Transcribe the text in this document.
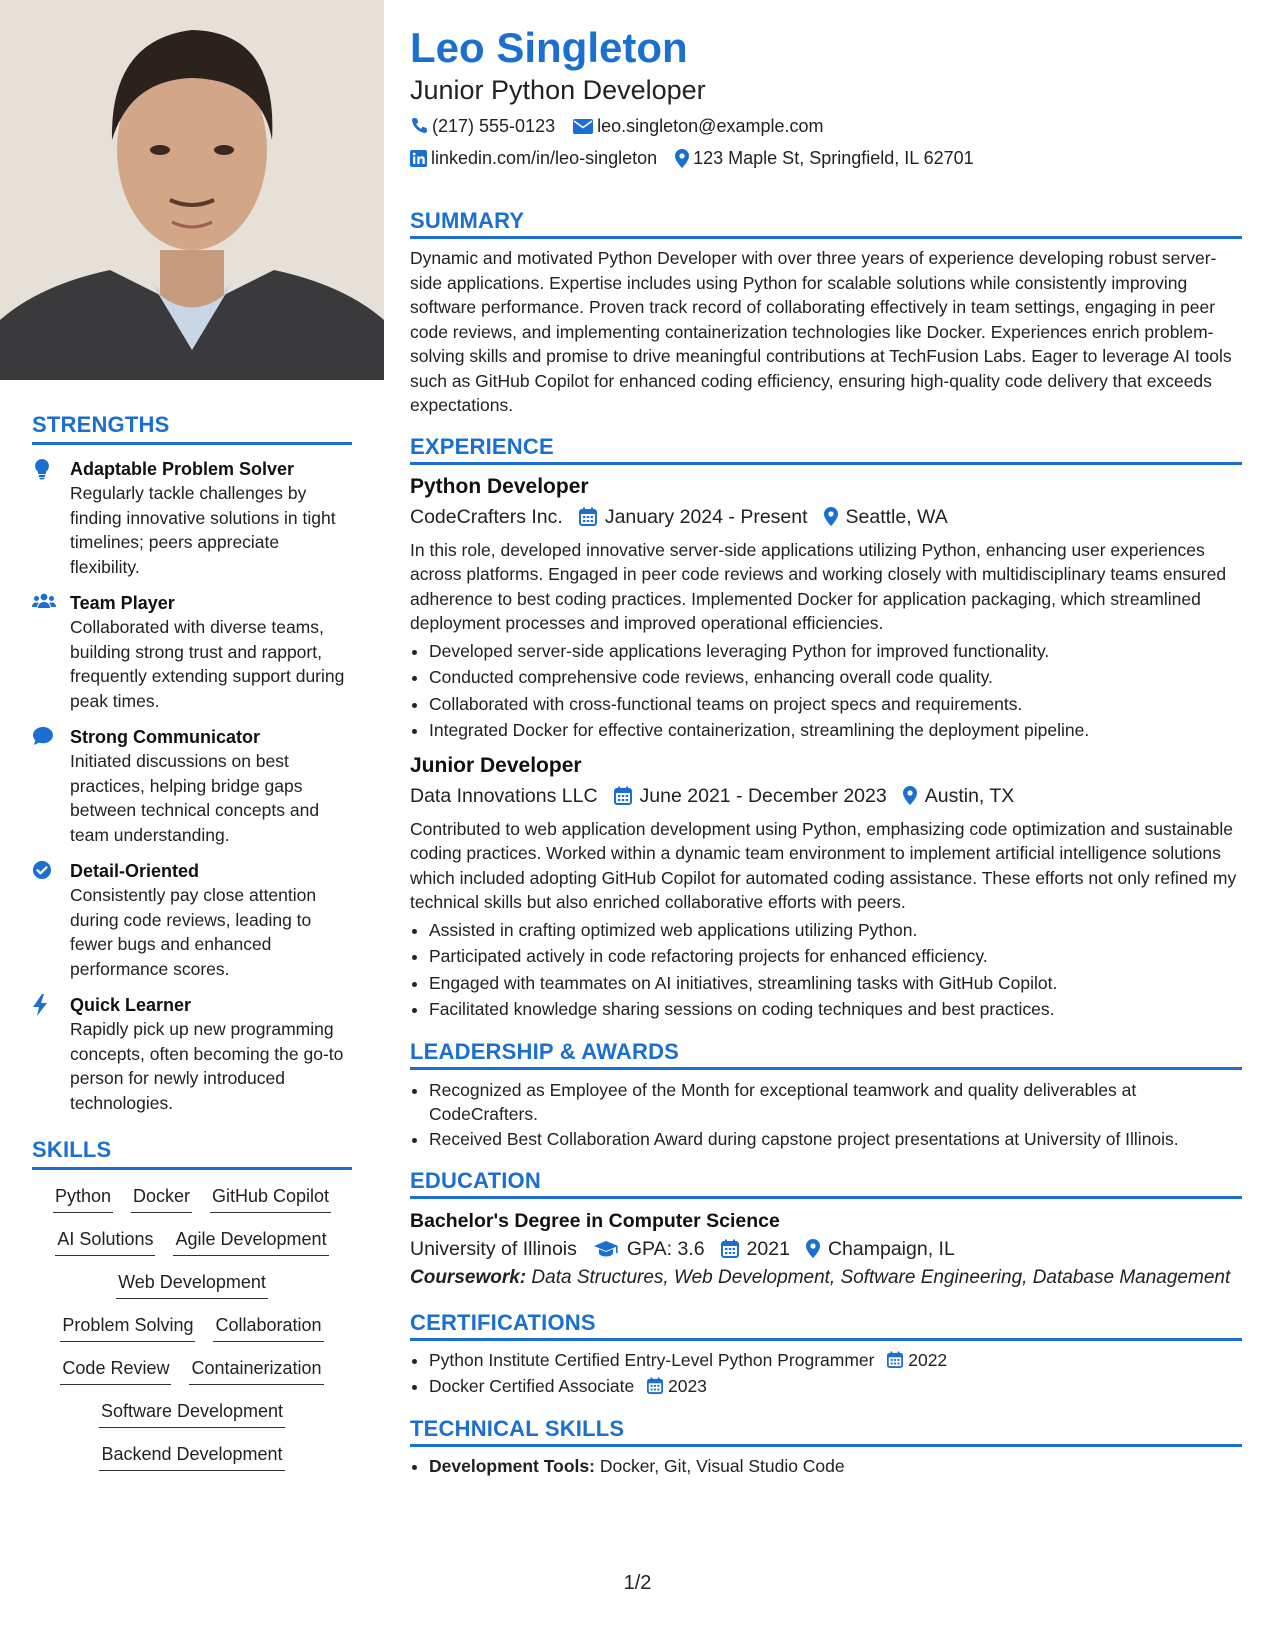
STRENGTHS
Adaptable Problem Solver
Regularly tackle challenges by finding innovative solutions in tight timelines; peers appreciate flexibility.
Team Player
Collaborated with diverse teams, building strong trust and rapport, frequently extending support during peak times.
Strong Communicator
Initiated discussions on best practices, helping bridge gaps between technical concepts and team understanding.
Detail-Oriented
Consistently pay close attention during code reviews, leading to fewer bugs and enhanced performance scores.
Quick Learner
Rapidly pick up new programming concepts, often becoming the go-to person for newly introduced technologies.
SKILLS
Python Docker GitHub Copilot
AI Solutions Agile Development
Web Development
Problem Solving Collaboration
Code Review Containerization
Software Development
Backend Development
Leo Singleton
Junior Python Developer
(217) 555-0123 leo.singleton@example.com
linkedin.com/in/leo-singleton 123 Maple St, Springfield, IL 62701
SUMMARY

Dynamic and motivated Python Developer with over three years of experience developing robust server-side applications. Expertise includes using Python for scalable solutions while consistently improving software performance. Proven track record of collaborating effectively in team settings, engaging in peer code reviews, and implementing containerization technologies like Docker. Experiences enrich problem-solving skills and promise to drive meaningful contributions at TechFusion Labs. Eager to leverage AI tools such as GitHub Copilot for enhanced coding efficiency, ensuring high-quality code delivery that exceeds expectations.

EXPERIENCE
Python Developer
CodeCrafters Inc. January 2024 - Present Seattle, WA

In this role, developed innovative server-side applications utilizing Python, enhancing user experiences across platforms. Engaged in peer code reviews and working closely with multidisciplinary teams ensured adherence to best coding practices. Implemented Docker for application packaging, which streamlined deployment processes and improved operational efficiencies.

• Developed server-side applications leveraging Python for improved functionality.
• Conducted comprehensive code reviews, enhancing overall code quality.
• Collaborated with cross-functional teams on project specs and requirements.
• Integrated Docker for effective containerization, streamlining the deployment pipeline.
Junior Developer
Data Innovations LLC June 2021 - December 2023 Austin, TX

Contributed to web application development using Python, emphasizing code optimization and sustainable coding practices. Worked within a dynamic team environment to implement artificial intelligence solutions which included adopting GitHub Copilot for automated coding assistance. These efforts not only refined my technical skills but also enriched collaborative efforts with peers.

• Assisted in crafting optimized web applications utilizing Python.
• Participated actively in code refactoring projects for enhanced efficiency.
• Engaged with teammates on AI initiatives, streamlining tasks with GitHub Copilot.
• Facilitated knowledge sharing sessions on coding techniques and best practices.
LEADERSHIP & AWARDS
• Recognized as Employee of the Month for exceptional teamwork and quality deliverables at CodeCrafters.
• Received Best Collaboration Award during capstone project presentations at University of Illinois.
EDUCATION
Bachelor's Degree in Computer Science
University of Illinois	GPA: 3.6 2021 Champaign, IL
Coursework: Data Structures, Web Development, Software Engineering, Database Management
CERTIFICATIONS
• Python Institute Certified Entry-Level Python Programmer 2022
• Docker Certified Associate 2023
TECHNICAL SKILLS
• Development Tools: Docker, Git, Visual Studio Code
1/2
